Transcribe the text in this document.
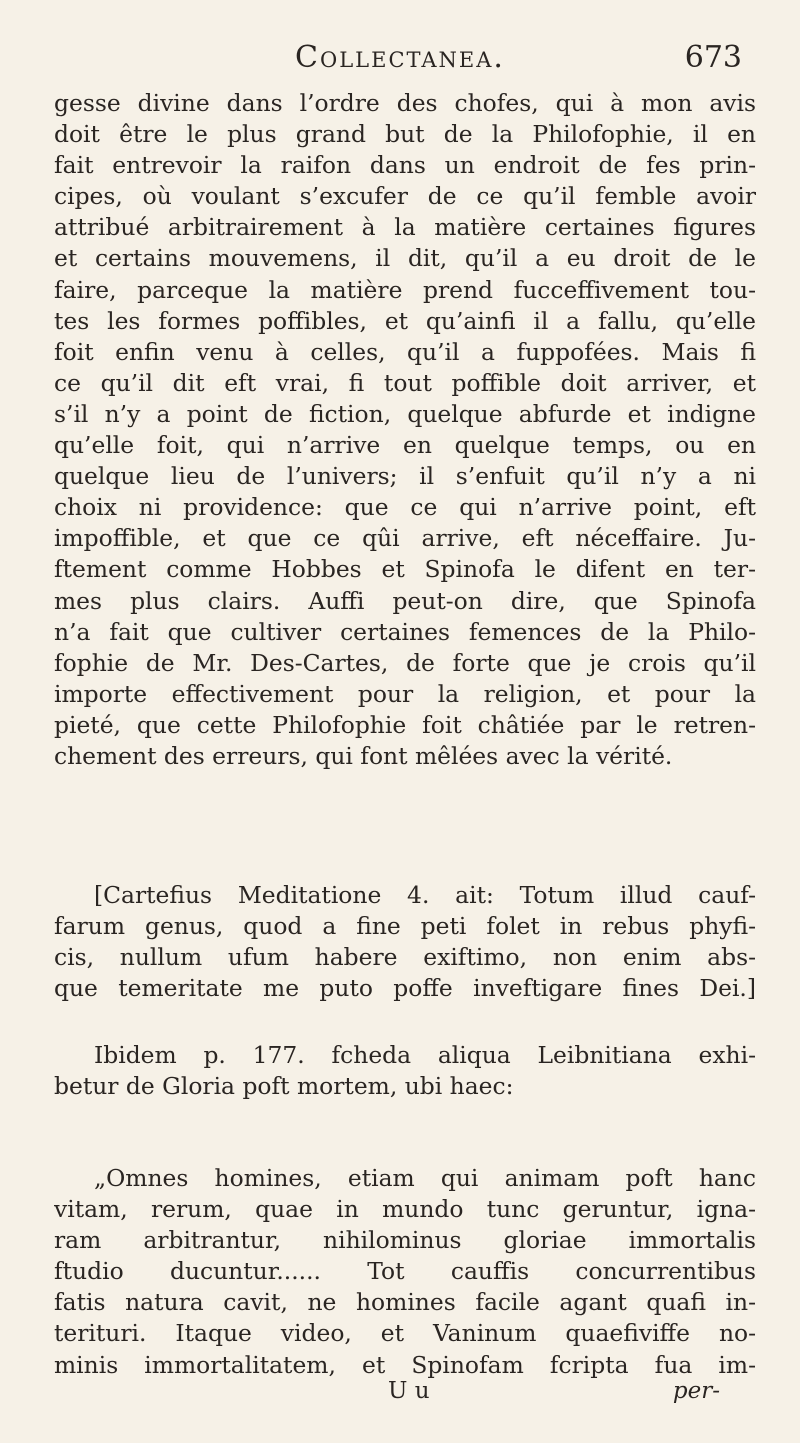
Collectanea.	673
gesse divine dans l’ordre des chofes, qui à mon avis
doit être le plus grand but de la Philofophie, il en
fait entrevoir la raifon dans un endroit de fes prin-
cipes, où voulant s’excufer de ce qu’il femble avoir
attribué arbitrairement à la matière certaines figures
et certains mouvemens, il dit, qu’il a eu droit de le
faire, parceque la matière prend fucceffivement tou-
tes les formes poffibles, et qu’ainfi il a fallu, qu’elle
foit enfin venu à celles, qu’il a fuppofées. Mais fi
ce qu’il dit eft vrai, fi tout poffible doit arriver, et
s’il n’y a point de fiction, quelque abfurde et indigne
qu’elle foit, qui n’arrive en quelque temps, ou en
quelque lieu de l’univers; il s’enfuit qu’il n’y a ni
choix ni providence: que ce qui n’arrive point, eft
impoffible, et que ce qûi arrive, eft néceffaire. Ju-
ftement comme Hobbes et Spinofa le difent en ter-
mes plus clairs. Auffi peut-on dire, que Spinofa
n’a fait que cultiver certaines femences de la Philo-
fophie de Mr. Des-Cartes, de forte que je crois qu’il
importe effectivement pour la religion, et pour la
pieté, que cette Philofophie foit châtiée par le retren-
chement des erreurs, qui font mêlées avec la vérité.
[Cartefius Meditatione 4. ait: Totum illud cauf-
farum genus, quod a fine peti folet in rebus phyfi-
cis, nullum ufum habere exiftimo, non enim abs-
que temeritate me puto poffe inveftigare fines Dei.]
Ibidem p. 177. fcheda aliqua Leibnitiana exhi-
betur de Gloria poft mortem, ubi haec:
„Omnes homines, etiam qui animam poft hanc
vitam, rerum, quae in mundo tunc geruntur, igna-
ram arbitrantur, nihilominus gloriae immortalis
ftudio ducuntur...... Tot cauffis concurrentibus
fatis natura cavit, ne homines facile agant quafi in-
terituri. Itaque video, et Vaninum quaefiviffe no-
minis immortalitatem, et Spinofam fcripta fua im-
U u	per-
